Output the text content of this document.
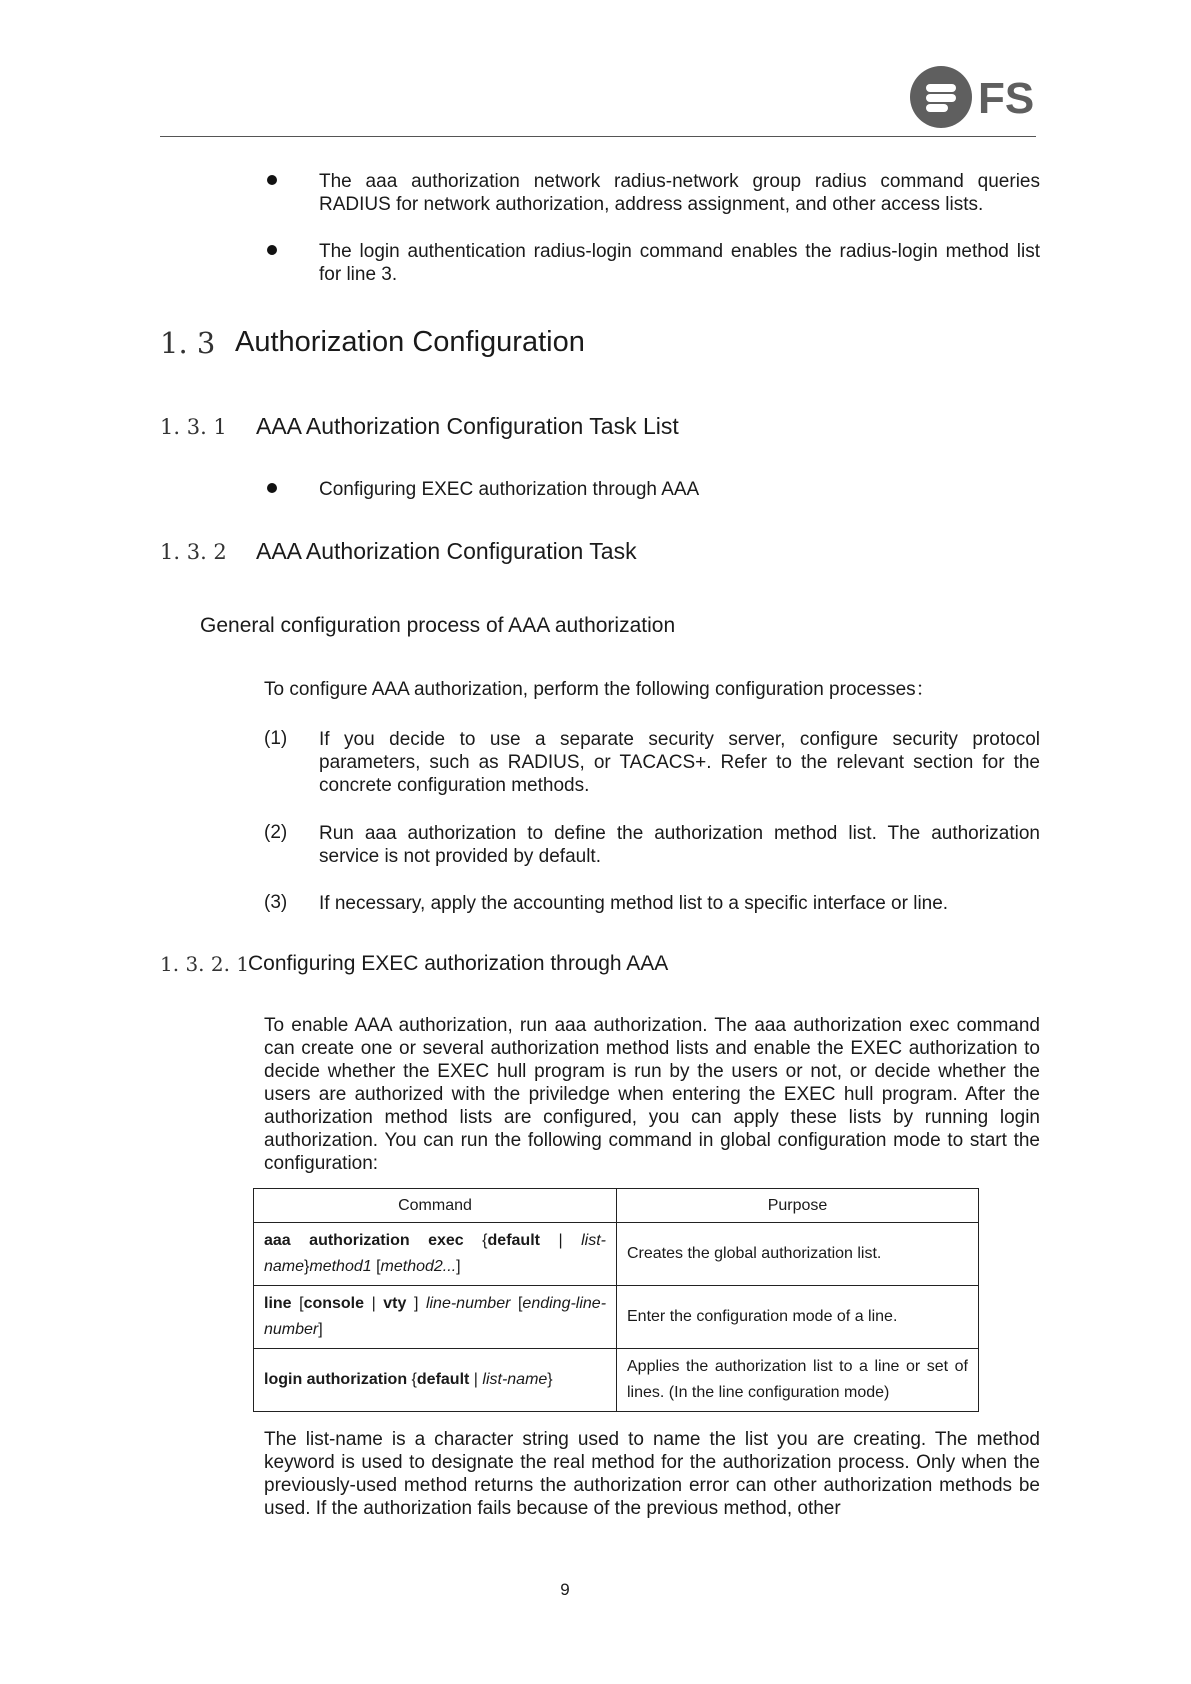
FS
The aaa authorization network radius-network group radius command queries RADIUS for network authorization, address assignment, and other access lists.
The login authentication radius-login command enables the radius-login method list for line 3.
1. 3 Authorization Configuration
1. 3. 1 AAA Authorization Configuration Task List
Configuring EXEC authorization through AAA
1. 3. 2 AAA Authorization Configuration Task
General configuration process of AAA authorization
To configure AAA authorization, perform the following configuration processes：
(1) If you decide to use a separate security server, configure security protocol parameters, such as RADIUS, or TACACS+. Refer to the relevant section for the concrete configuration methods.
(2) Run aaa authorization to define the authorization method list. The authorization service is not provided by default.
(3) If necessary, apply the accounting method list to a specific interface or line.
1. 3. 2. 1
Configuring EXEC authorization through AAA
To enable AAA authorization, run aaa authorization. The aaa authorization exec command can create one or several authorization method lists and enable the EXEC authorization to decide whether the EXEC hull program is run by the users or not, or decide whether the users are authorized with the priviledge when entering the EXEC hull program. After the authorization method lists are configured, you can apply these lists by running login authorization. You can run the following command in global configuration mode to start the configuration:
Command	Purpose
aaa authorization exec {default | list-name}method1 [method2...]	Creates the global authorization list.
line [console | vty ] line-number [ending-line-number]	Enter the configuration mode of a line.
login authorization {default | list-name}	Applies the authorization list to a line or set of lines. (In the line configuration mode)
The list-name is a character string used to name the list you are creating. The method keyword is used to designate the real method for the authorization process. Only when the previously-used method returns the authorization error can other authorization methods be used. If the authorization fails because of the previous method, other
9
